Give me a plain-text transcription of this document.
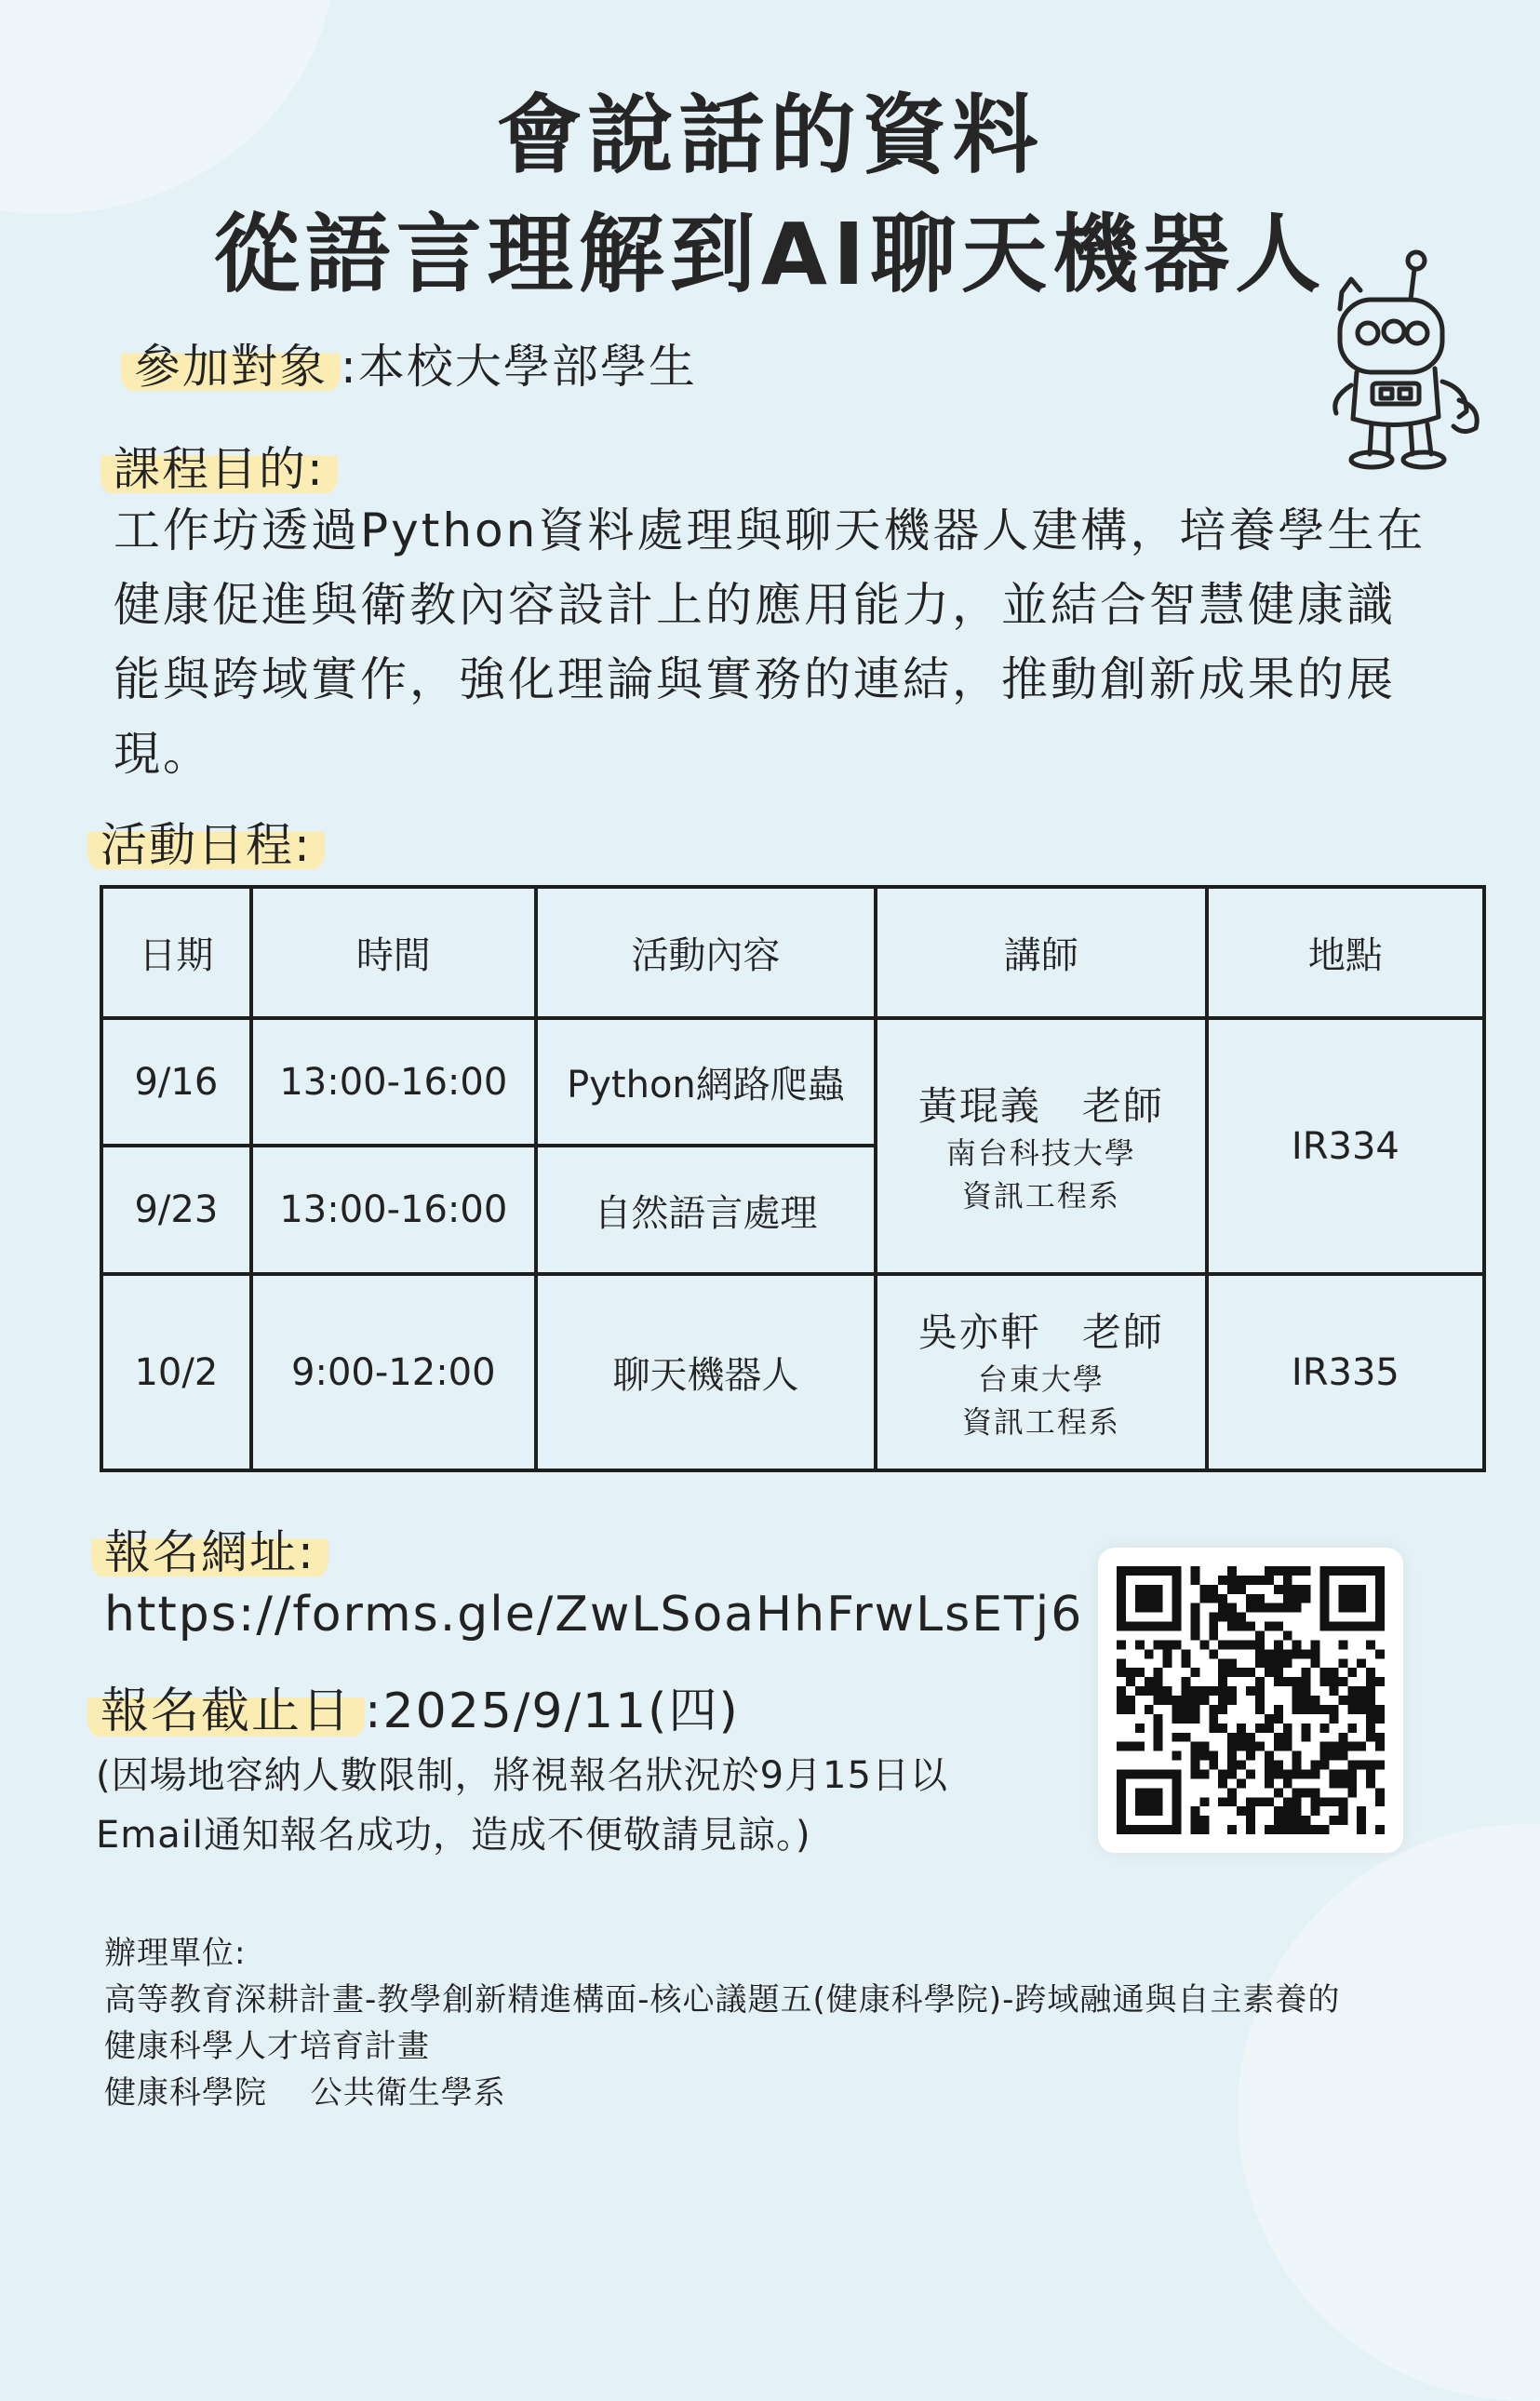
會說話的資料
從語言理解到AI聊天機器人
參加對象 :本校大學部學生
課程目的:
工作坊透過Python資料處理與聊天機器人建構，培養學生在
健康促進與衛教內容設計上的應用能力，並結合智慧健康識
能與跨域實作，強化理論與實務的連結，推動創新成果的展
現。
活動日程:
日期	時間	活動內容	講師	地點
9/16	13:00-16:00	Python網路爬蟲	黃琨義　老師
南台科技大學
資訊工程系	IR334
9/23	13:00-16:00	自然語言處理		
10/2	9:00-12:00	聊天機器人	吳亦軒　老師
台東大學
資訊工程系	IR335
報名網址:
https://forms.gle/ZwLSoaHhFrwLsETj6
報名截止日 :2025/9/11(四)
(因場地容納人數限制，將視報名狀況於9月15日以
Email通知報名成功，造成不便敬請見諒。)
辦理單位:
高等教育深耕計畫-教學創新精進構面-核心議題五(健康科學院)-跨域融通與自主素養的
健康科學人才培育計畫
健康科學院　 公共衛生學系
